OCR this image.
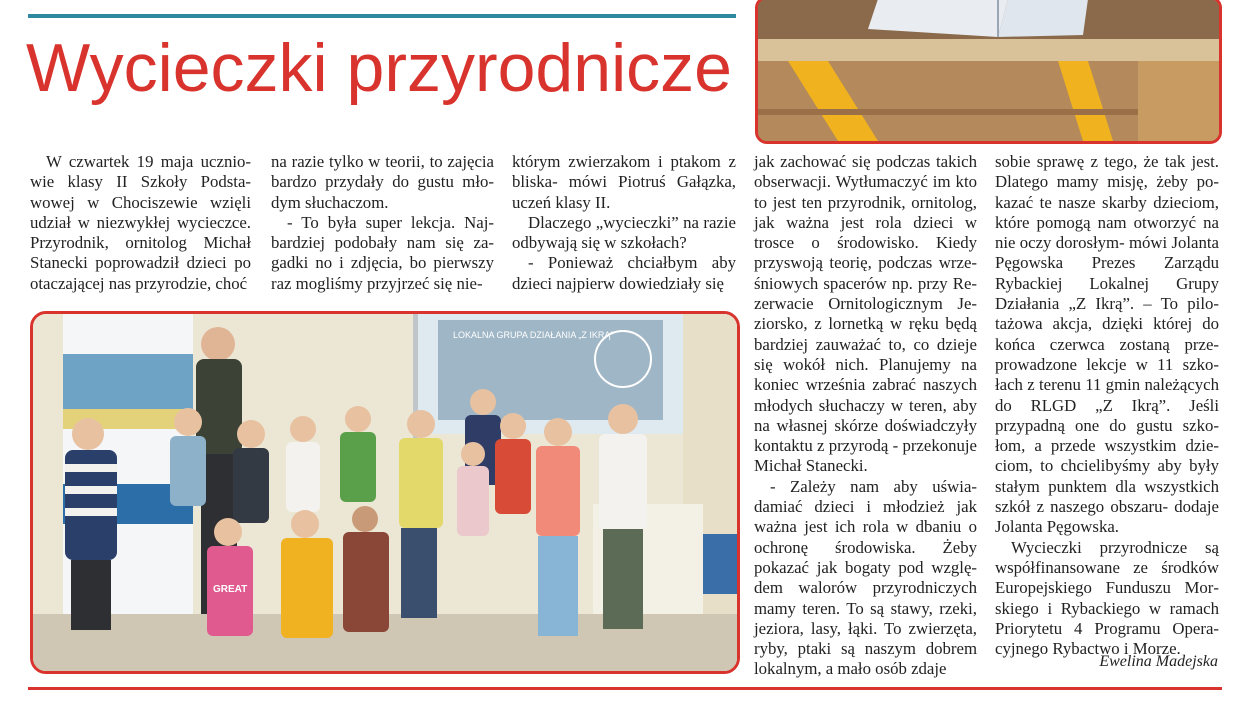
Wycieczki przyrodnicze

W czwartek 19 maja uczniowie klasy II Szkoły Podstawowej w Chociszewie wzięli udział w niezwykłej wycieczce. Przyrodnik, ornitolog Michał Stanecki poprowadził dzieci po otaczającej nas przyrodzie, choć

na razie tylko w teorii, to zajęcia bardzo przydały do gustu młodym słuchaczom.

- To była super lekcja. Najbardziej podobały nam się zagadki no i zdjęcia, bo pierwszy raz mogliśmy przyjrzeć się nie-

którym zwierzakom i ptakom z bliska- mówi Piotruś Gałązka, uczeń klasy II.

Dlaczego „wycieczki” na razie odbywają się w szkołach?

- Ponieważ chciałbym aby dzieci najpierw dowiedziały się

jak zachować się podczas takich obserwacji. Wytłumaczyć im kto to jest ten przyrodnik, ornitolog, jak ważna jest rola dzieci w trosce o środowisko. Kiedy przyswoją teorię, podczas wrześniowych spacerów np. przy Rezerwacie Ornitologicznym Jeziorsko, z lornetką w ręku będą bardziej zauważać to, co dzieje się wokół nich. Planujemy na koniec września zabrać naszych młodych słuchaczy w teren, aby na własnej skórze doświadczyły kontaktu z przyrodą - przekonuje Michał Stanecki.

- Zależy nam aby uświadamiać dzieci i młodzież jak ważna jest ich rola w dbaniu o ochronę środowiska. Żeby pokazać jak bogaty pod względem walorów przyrodniczych mamy teren. To są stawy, rzeki, jeziora, lasy, łąki. To zwierzęta, ryby, ptaki są naszym dobrem lokalnym, a mało osób zdaje

sobie sprawę z tego, że tak jest. Dlatego mamy misję, żeby pokazać te nasze skarby dzieciom, które pomogą nam otworzyć na nie oczy dorosłym- mówi Jolanta Pęgowska Prezes Zarządu Rybackiej Lokalnej Grupy Działania „Z Ikrą”. – To pilotażowa akcja, dzięki której do końca czerwca zostaną przeprowadzone lekcje w 11 szkołach z terenu 11 gmin należących do RLGD „Z Ikrą”. Jeśli przypadną one do gustu szkołom, a przede wszystkim dzieciom, to chcielibyśmy aby były stałym punktem dla wszystkich szkół z naszego obszaru- dodaje Jolanta Pęgowska.

Wycieczki przyrodnicze są współfinansowane ze środków Europejskiego Funduszu Morskiego i Rybackiego w ramach Priorytetu 4 Programu Operacyjnego Rybactwo i Morze.

Ewelina Madejska
LOKALNA GRUPA DZIAŁANIA „Z IKRĄ”
GREAT
